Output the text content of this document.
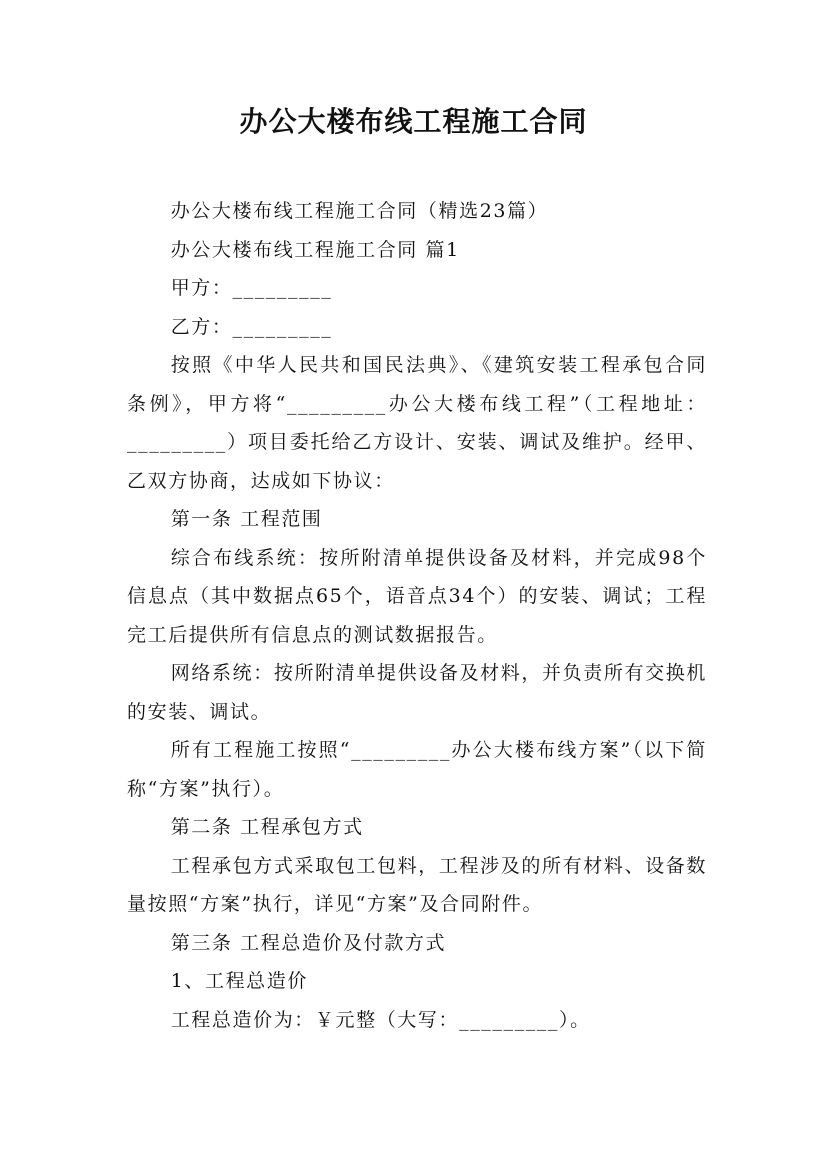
办公大楼布线工程施工合同

办公大楼布线工程施工合同（精选23篇）

办公大楼布线工程施工合同 篇1

甲方：_________

乙方：_________

按照《中华人民共和国民法典》、《建筑安装工程承包合同条例》，甲方将“_________办公大楼布线工程”（工程地址：_________）项目委托给乙方设计、安装、调试及维护。经甲、乙双方协商，达成如下协议：

第一条 工程范围

综合布线系统：按所附清单提供设备及材料，并完成98个信息点（其中数据点65个，语音点34个）的安装、调试；工程完工后提供所有信息点的测试数据报告。

网络系统：按所附清单提供设备及材料，并负责所有交换机的安装、调试。

所有工程施工按照“_________办公大楼布线方案”（以下简称“方案”执行）。

第二条 工程承包方式

工程承包方式采取包工包料，工程涉及的所有材料、设备数量按照“方案”执行，详见“方案”及合同附件。

第三条 工程总造价及付款方式

1、工程总造价

工程总造价为：￥元整（大写：_________）。
